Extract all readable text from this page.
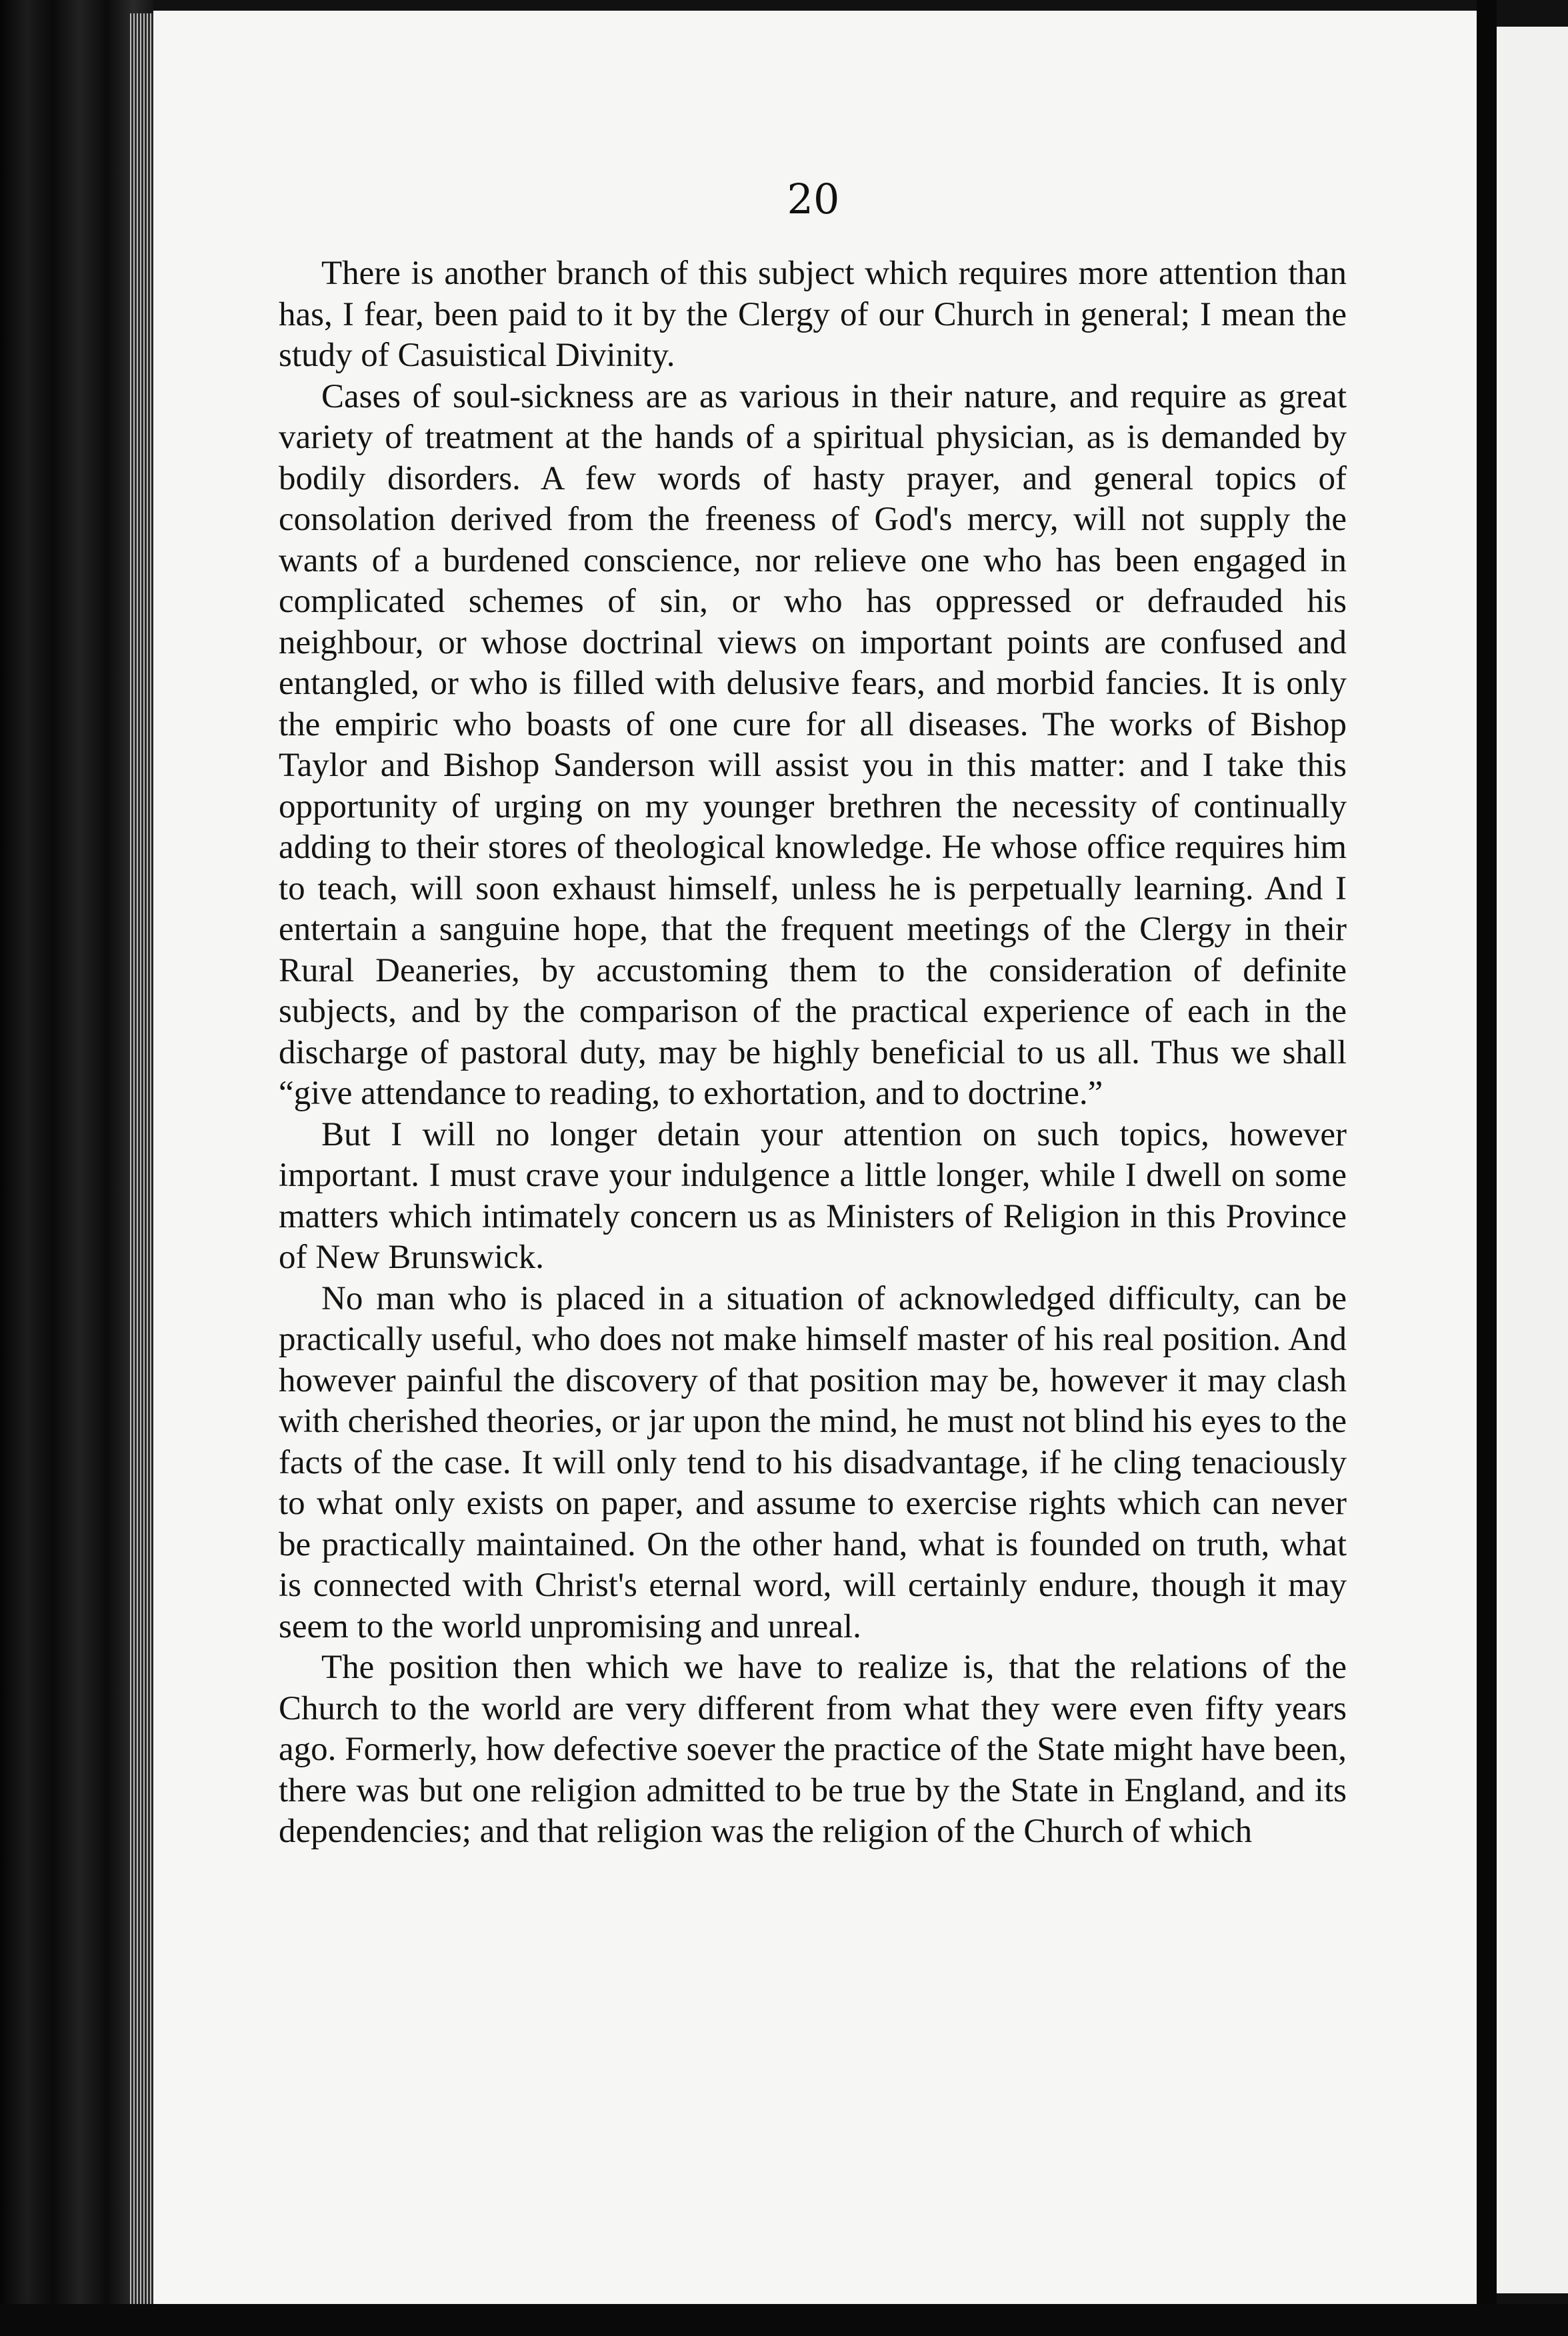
20

There is another branch of this subject which requires more attention than has, I fear, been paid to it by the Clergy of our Church in general; I mean the study of Casuistical Divinity.

Cases of soul-sickness are as various in their nature, and require as great variety of treatment at the hands of a spiritual physician, as is demanded by bodily disorders. A few words of hasty prayer, and general topics of consolation derived from the freeness of God's mercy, will not supply the wants of a burdened conscience, nor relieve one who has been engaged in complicated schemes of sin, or who has oppressed or defrauded his neighbour, or whose doctrinal views on important points are confused and entangled, or who is filled with delusive fears, and morbid fancies. It is only the empiric who boasts of one cure for all diseases. The works of Bishop Taylor and Bishop Sanderson will assist you in this matter: and I take this opportunity of urging on my younger brethren the necessity of continually adding to their stores of theological knowledge. He whose office requires him to teach, will soon exhaust himself, unless he is perpetually learning. And I entertain a sanguine hope, that the frequent meetings of the Clergy in their Rural Deaneries, by accustoming them to the consideration of definite subjects, and by the comparison of the practical experience of each in the discharge of pastoral duty, may be highly beneficial to us all. Thus we shall “give attendance to reading, to exhortation, and to doctrine.”

But I will no longer detain your attention on such topics, however important. I must crave your indulgence a little longer, while I dwell on some matters which intimately concern us as Ministers of Religion in this Province of New Brunswick.

No man who is placed in a situation of acknowledged difficulty, can be practically useful, who does not make himself master of his real position. And however painful the discovery of that position may be, however it may clash with cherished theories, or jar upon the mind, he must not blind his eyes to the facts of the case. It will only tend to his disadvantage, if he cling tenaciously to what only exists on paper, and assume to exercise rights which can never be practically maintained. On the other hand, what is founded on truth, what is connected with Christ's eternal word, will certainly endure, though it may seem to the world unpromising and unreal.

The position then which we have to realize is, that the relations of the Church to the world are very different from what they were even fifty years ago. Formerly, how defective soever the practice of the State might have been, there was but one religion admitted to be true by the State in England, and its dependencies; and that religion was the religion of the Church of which
